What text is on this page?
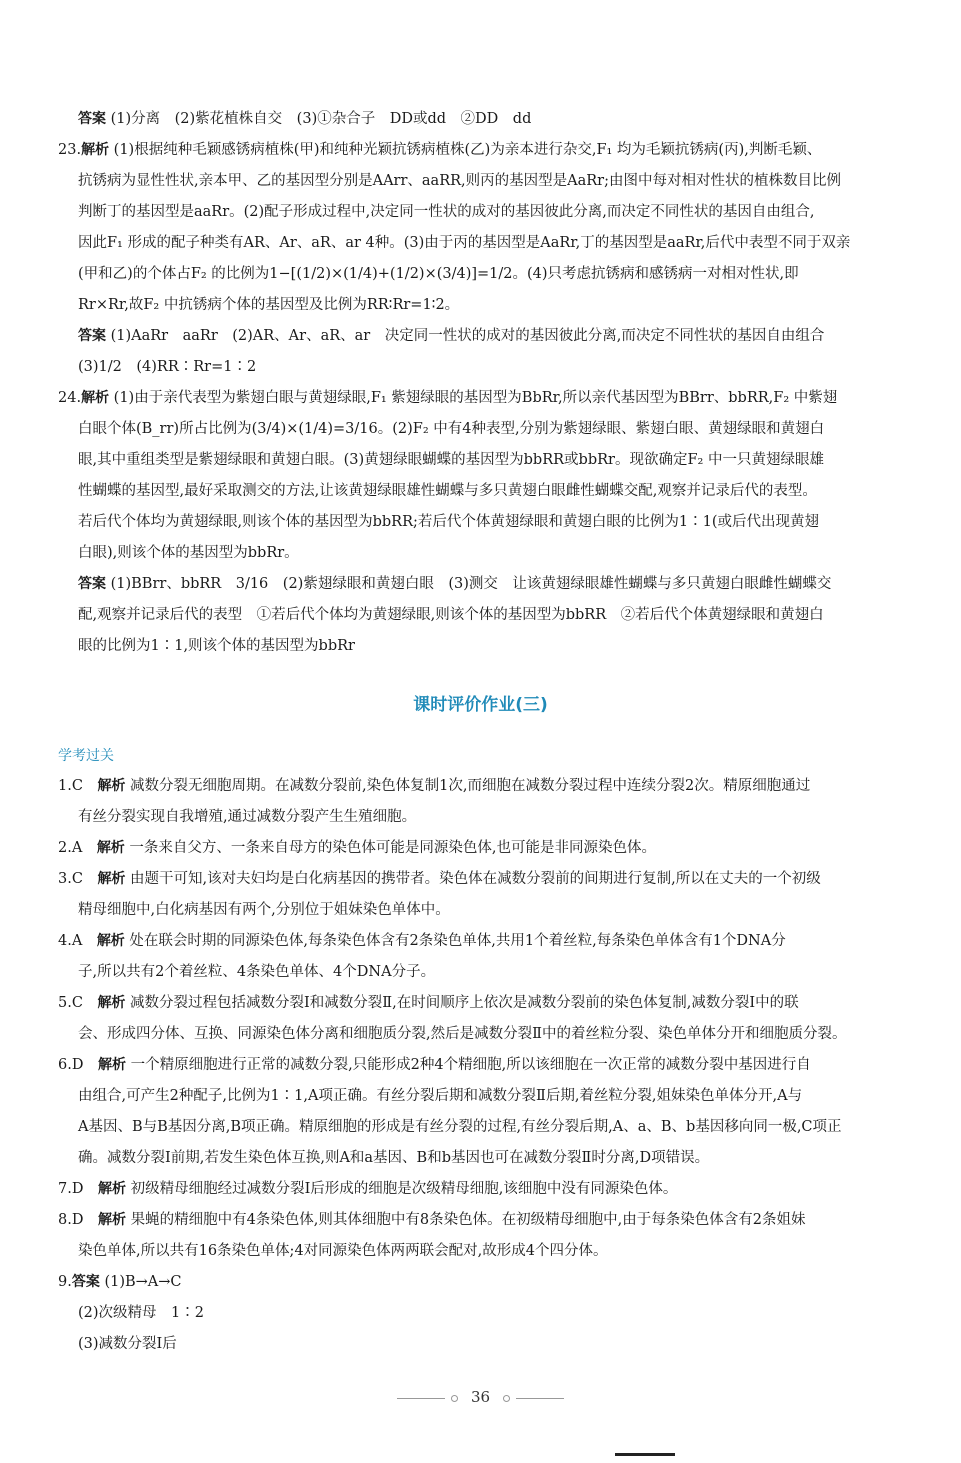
答案 (1)分离　(2)紫花植株自交　(3)①杂合子　DD或dd　②DD　dd
23.解析 (1)根据纯种毛颖感锈病植株(甲)和纯种光颖抗锈病植株(乙)为亲本进行杂交,F₁ 均为毛颖抗锈病(丙),判断毛颖、
抗锈病为显性性状,亲本甲、乙的基因型分别是AArr、aaRR,则丙的基因型是AaRr;由图中每对相对性状的植株数目比例
判断丁的基因型是aaRr。(2)配子形成过程中,决定同一性状的成对的基因彼此分离,而决定不同性状的基因自由组合,
因此F₁ 形成的配子种类有AR、Ar、aR、ar 4种。(3)由于丙的基因型是AaRr,丁的基因型是aaRr,后代中表型不同于双亲
(甲和乙)的个体占F₂ 的比例为1−[(1/2)×(1/4)+(1/2)×(3/4)]=1/2。(4)只考虑抗锈病和感锈病一对相对性状,即
Rr×Rr,故F₂ 中抗锈病个体的基因型及比例为RR∶Rr=1∶2。
答案 (1)AaRr　aaRr　(2)AR、Ar、aR、ar　决定同一性状的成对的基因彼此分离,而决定不同性状的基因自由组合
(3)1/2　(4)RR∶Rr=1∶2
24.解析 (1)由于亲代表型为紫翅白眼与黄翅绿眼,F₁ 紫翅绿眼的基因型为BbRr,所以亲代基因型为BBrr、bbRR,F₂ 中紫翅
白眼个体(B_rr)所占比例为(3/4)×(1/4)=3/16。(2)F₂ 中有4种表型,分别为紫翅绿眼、紫翅白眼、黄翅绿眼和黄翅白
眼,其中重组类型是紫翅绿眼和黄翅白眼。(3)黄翅绿眼蝴蝶的基因型为bbRR或bbRr。现欲确定F₂ 中一只黄翅绿眼雄
性蝴蝶的基因型,最好采取测交的方法,让该黄翅绿眼雄性蝴蝶与多只黄翅白眼雌性蝴蝶交配,观察并记录后代的表型。
若后代个体均为黄翅绿眼,则该个体的基因型为bbRR;若后代个体黄翅绿眼和黄翅白眼的比例为1∶1(或后代出现黄翅
白眼),则该个体的基因型为bbRr。
答案 (1)BBrr、bbRR　3/16　(2)紫翅绿眼和黄翅白眼　(3)测交　让该黄翅绿眼雄性蝴蝶与多只黄翅白眼雌性蝴蝶交
配,观察并记录后代的表型　①若后代个体均为黄翅绿眼,则该个体的基因型为bbRR　②若后代个体黄翅绿眼和黄翅白
眼的比例为1∶1,则该个体的基因型为bbRr
课时评价作业(三)
学考过关
1.C　解析 减数分裂无细胞周期。在减数分裂前,染色体复制1次,而细胞在减数分裂过程中连续分裂2次。精原细胞通过
有丝分裂实现自我增殖,通过减数分裂产生生殖细胞。
2.A　解析 一条来自父方、一条来自母方的染色体可能是同源染色体,也可能是非同源染色体。
3.C　解析 由题干可知,该对夫妇均是白化病基因的携带者。染色体在减数分裂前的间期进行复制,所以在丈夫的一个初级
精母细胞中,白化病基因有两个,分别位于姐妹染色单体中。
4.A　解析 处在联会时期的同源染色体,每条染色体含有2条染色单体,共用1个着丝粒,每条染色单体含有1个DNA分
子,所以共有2个着丝粒、4条染色单体、4个DNA分子。
5.C　解析 减数分裂过程包括减数分裂Ⅰ和减数分裂Ⅱ,在时间顺序上依次是减数分裂前的染色体复制,减数分裂Ⅰ中的联
会、形成四分体、互换、同源染色体分离和细胞质分裂,然后是减数分裂Ⅱ中的着丝粒分裂、染色单体分开和细胞质分裂。
6.D　解析 一个精原细胞进行正常的减数分裂,只能形成2种4个精细胞,所以该细胞在一次正常的减数分裂中基因进行自
由组合,可产生2种配子,比例为1∶1,A项正确。有丝分裂后期和减数分裂Ⅱ后期,着丝粒分裂,姐妹染色单体分开,A与
A基因、B与B基因分离,B项正确。精原细胞的形成是有丝分裂的过程,有丝分裂后期,A、a、B、b基因移向同一极,C项正
确。减数分裂Ⅰ前期,若发生染色体互换,则A和a基因、B和b基因也可在减数分裂Ⅱ时分离,D项错误。
7.D　解析 初级精母细胞经过减数分裂Ⅰ后形成的细胞是次级精母细胞,该细胞中没有同源染色体。
8.D　解析 果蝇的精细胞中有4条染色体,则其体细胞中有8条染色体。在初级精母细胞中,由于每条染色体含有2条姐妹
染色单体,所以共有16条染色单体;4对同源染色体两两联会配对,故形成4个四分体。
9.答案 (1)B→A→C
(2)次级精母　1∶2
(3)减数分裂Ⅰ后
36
